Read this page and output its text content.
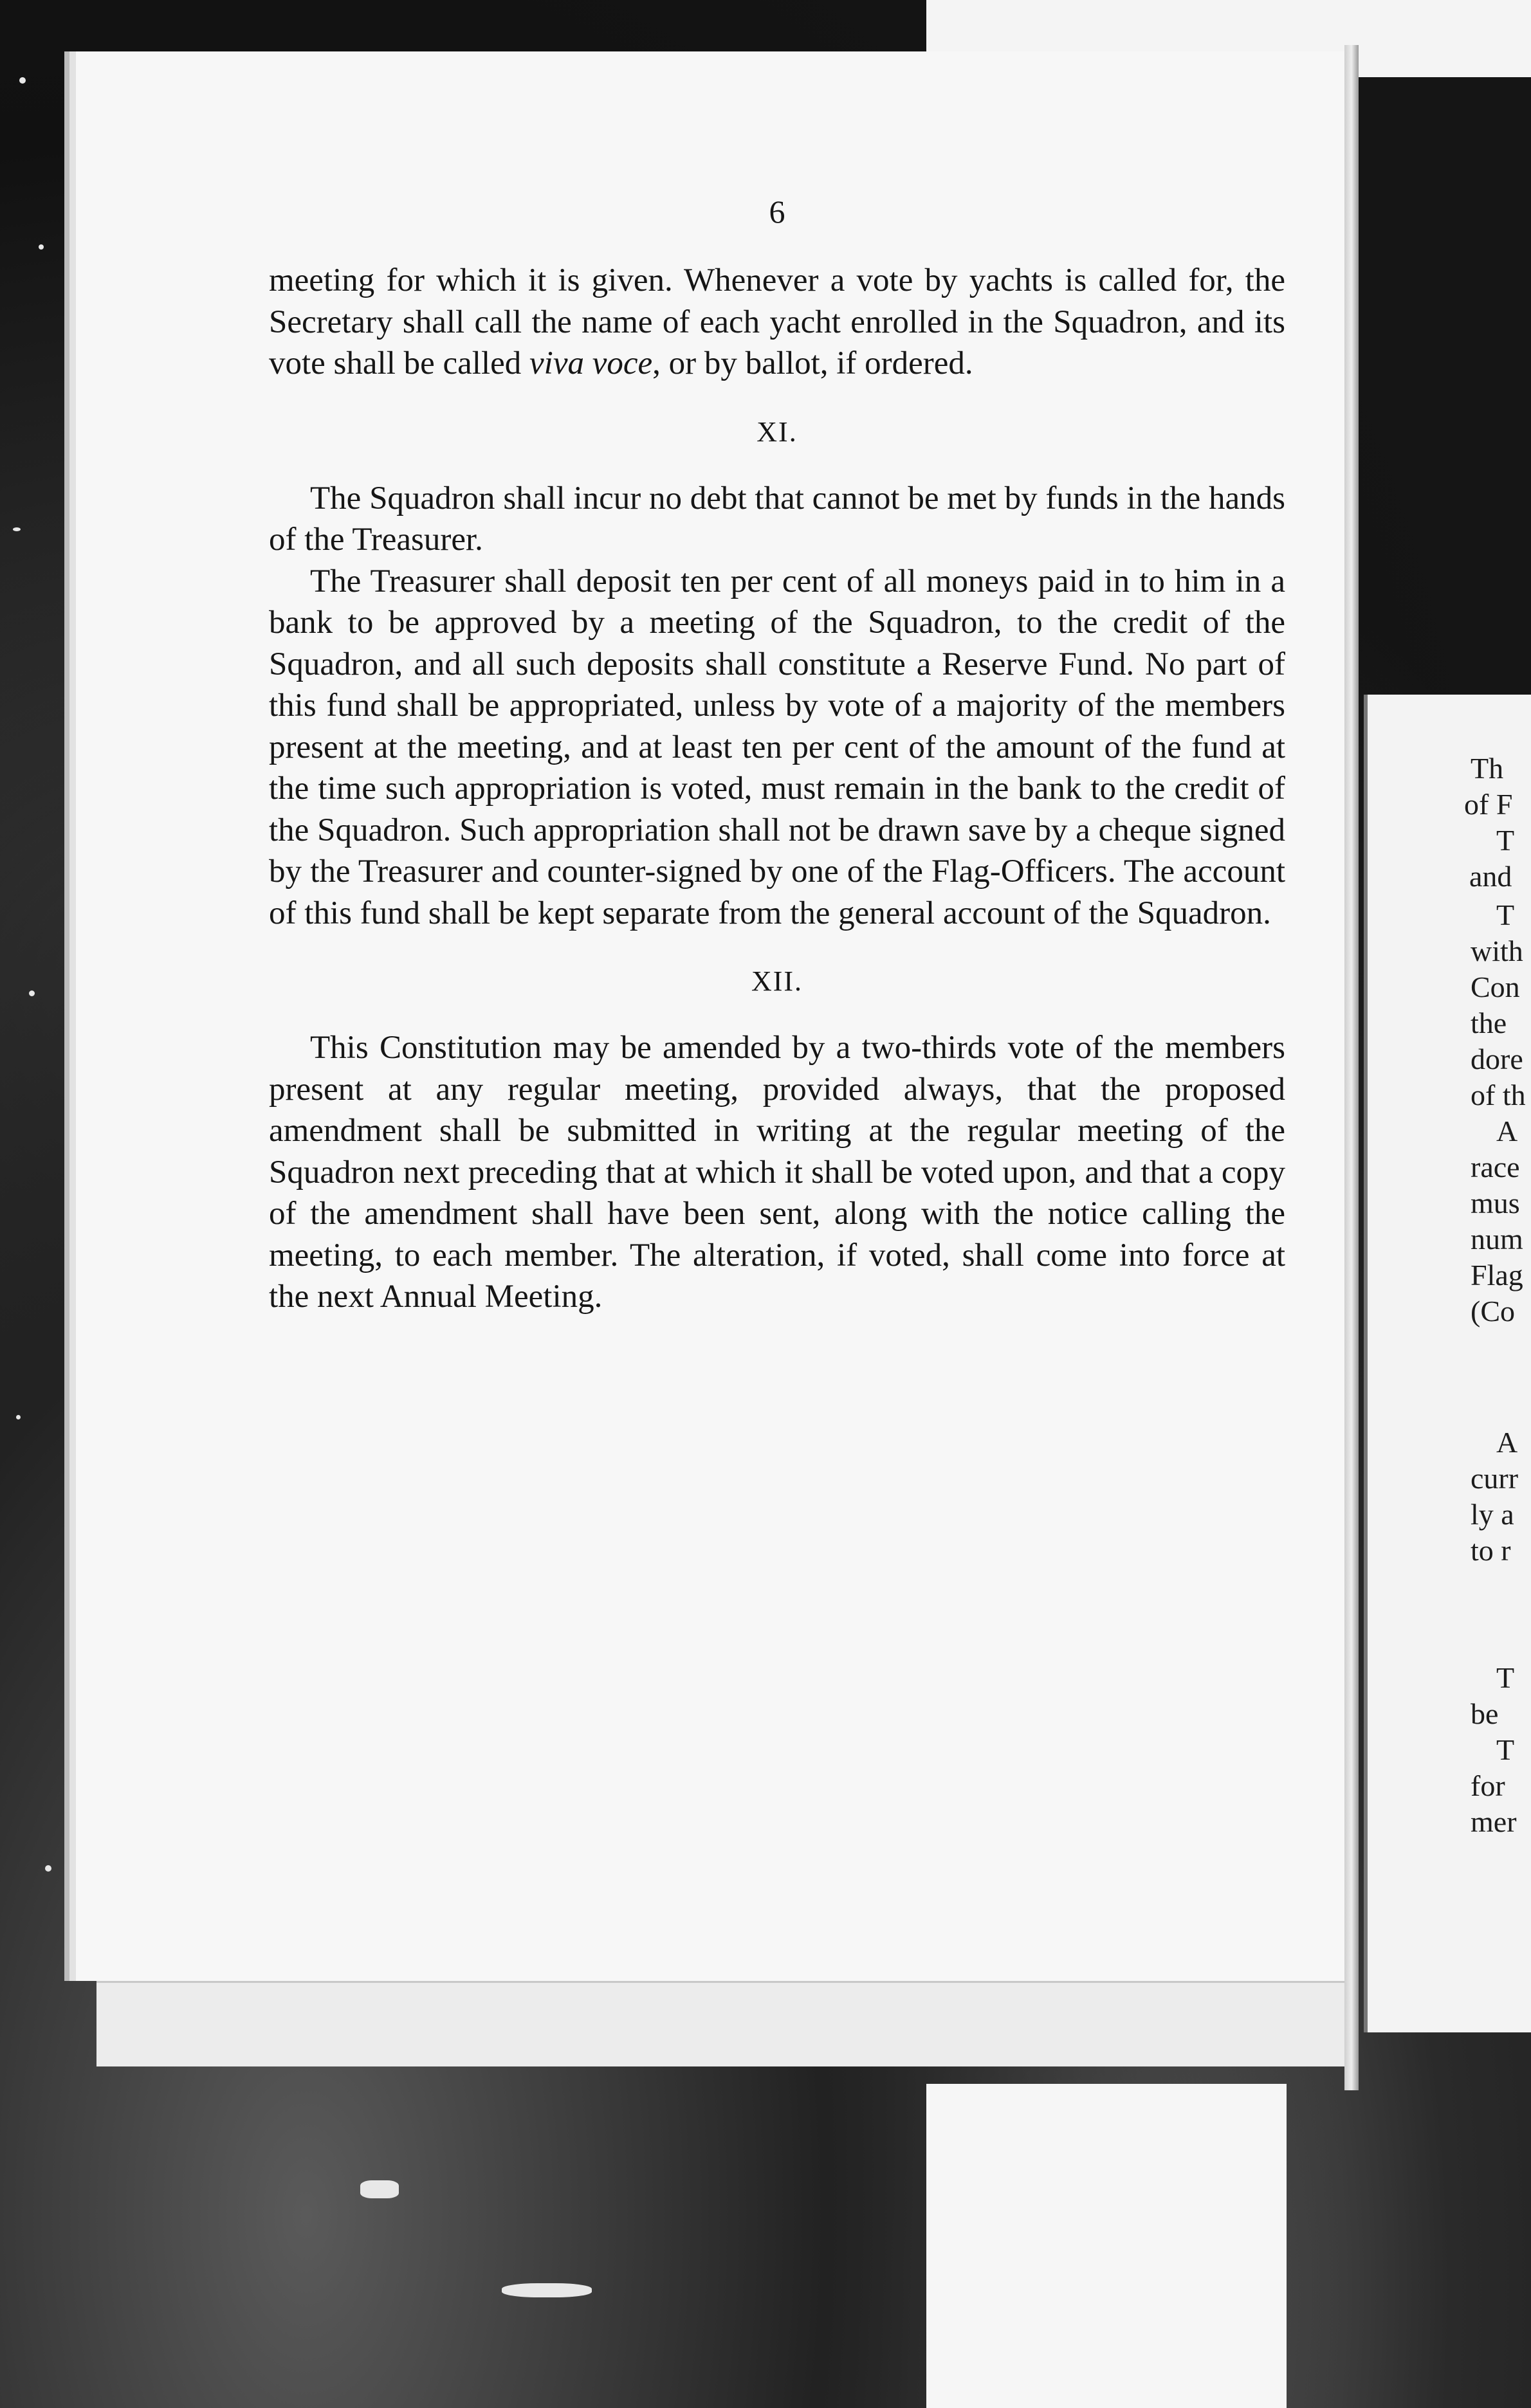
Th
of F
T
and
T
with
Con
the
dore
of th
A
race
mus
num
Flag
(Co
A
curr
ly a
to r
T
be
T
for
mer
6

meeting for which it is given. Whenever a vote by yachts is called for, the Secretary shall call the name of each yacht enrolled in the Squadron, and its vote shall be called viva voce, or by ballot, if ordered.

XI.

The Squadron shall incur no debt that cannot be met by funds in the hands of the Treasurer.

The Treasurer shall deposit ten per cent of all moneys paid in to him in a bank to be approved by a meeting of the Squadron, to the credit of the Squadron, and all such deposits shall constitute a Reserve Fund. No part of this fund shall be appropriated, unless by vote of a majority of the members present at the meeting, and at least ten per cent of the amount of the fund at the time such appropriation is voted, must remain in the bank to the credit of the Squadron. Such appropriation shall not be drawn save by a cheque signed by the Treasurer and counter-signed by one of the Flag-Officers. The account of this fund shall be kept separate from the general account of the Squadron.

XII.

This Constitution may be amended by a two-thirds vote of the members present at any regular meeting, provided always, that the proposed amendment shall be submitted in writing at the regular meeting of the Squadron next preceding that at which it shall be voted upon, and that a copy of the amendment shall have been sent, along with the notice calling the meeting, to each member. The alteration, if voted, shall come into force at the next Annual Meeting.
